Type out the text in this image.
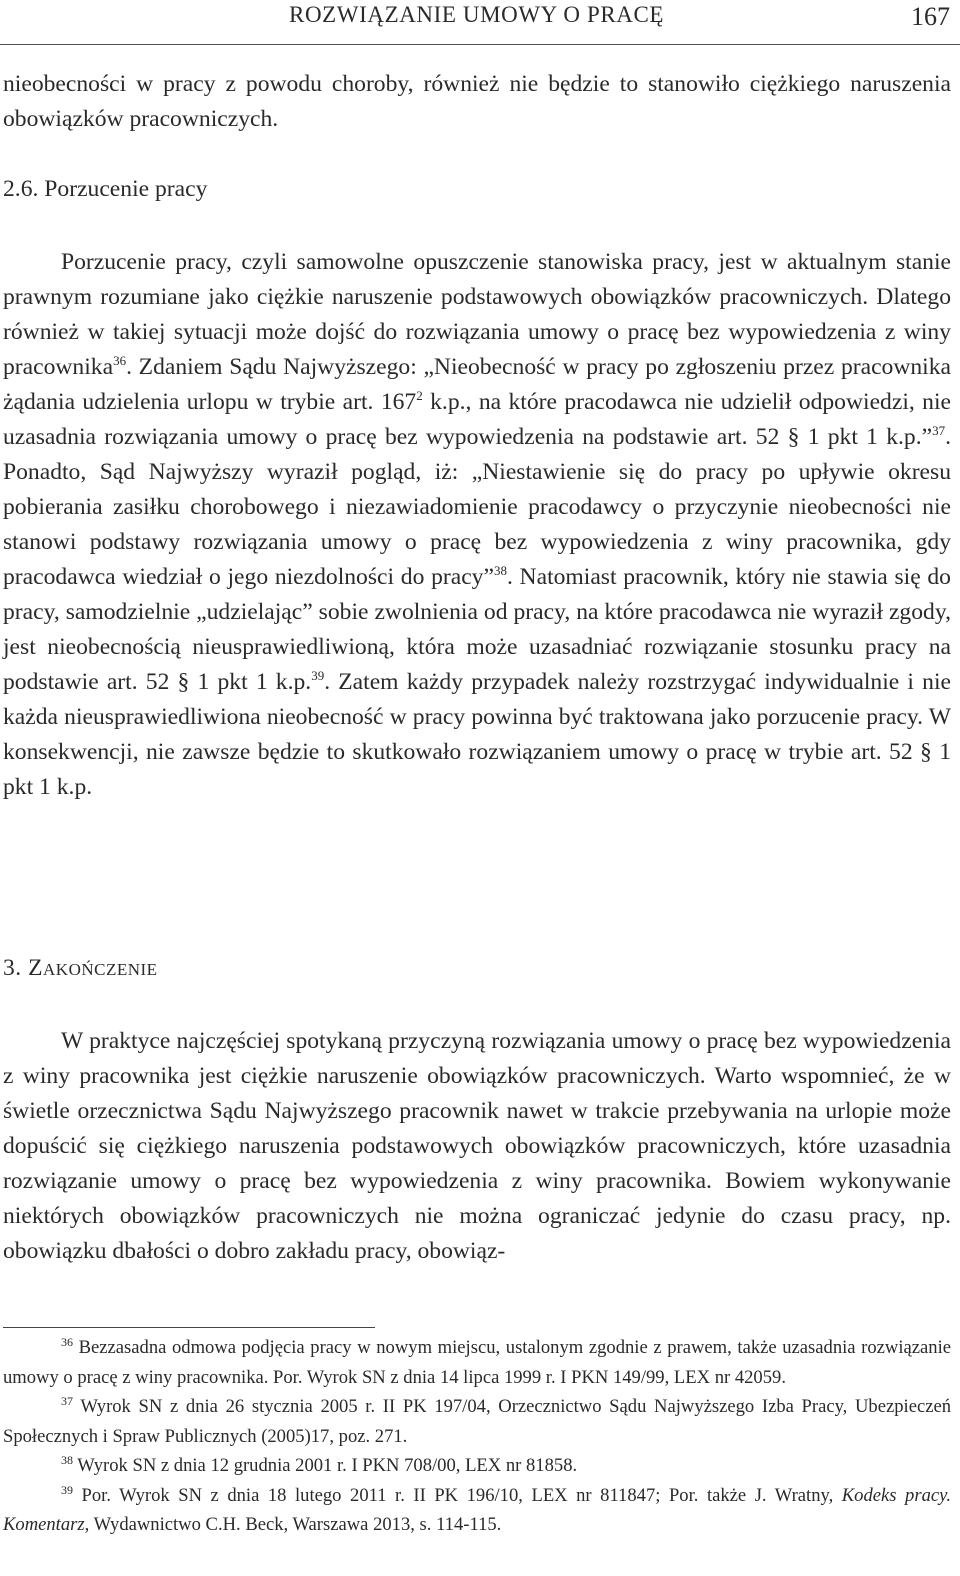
ROZWIĄZANIE UMOWY O PRACĘ	167

nieobecności w pracy z powodu choroby, również nie będzie to stanowiło ciężkiego naruszenia obowiązków pracowniczych.

2.6. Porzucenie pracy

Porzucenie pracy, czyli samowolne opuszczenie stanowiska pracy, jest w aktualnym stanie prawnym rozumiane jako ciężkie naruszenie podstawowych obowiązków pracowniczych. Dlatego również w takiej sytuacji może dojść do rozwiązania umowy o pracę bez wypowiedzenia z winy pracownika$^{36}$. Zdaniem Sądu Najwyższego: „Nieobecność w pracy po zgłoszeniu przez pracownika żądania udzielenia urlopu w trybie art. $167^2$ k.p., na które pracodawca nie udzielił odpowiedzi, nie uzasadnia rozwiązania umowy o pracę bez wypowiedzenia na podstawie art. 52 § 1 pkt 1 k.p.”$^{37}$. Ponadto, Sąd Najwyższy wyraził pogląd, iż: „Niestawienie się do pracy po upływie okresu pobierania zasiłku chorobowego i niezawiadomienie pracodawcy o przyczynie nieobecności nie stanowi podstawy rozwiązania umowy o pracę bez wypowiedzenia z winy pracownika, gdy pracodawca wiedział o jego niezdolności do pracy”$^{38}$. Natomiast pracownik, który nie stawia się do pracy, samodzielnie „udzielając” sobie zwolnienia od pracy, na które pracodawca nie wyraził zgody, jest nieobecnością nieusprawiedliwioną, która może uzasadniać rozwiązanie stosunku pracy na podstawie art. 52 § 1 pkt 1 k.p.$^{39}$. Zatem każdy przypadek należy rozstrzygać indywidualnie i nie każda nieusprawiedliwiona nieobecność w pracy powinna być traktowana jako porzucenie pracy. W konsekwencji, nie zawsze będzie to skutkowało rozwiązaniem umowy o pracę w trybie art. 52 § 1 pkt 1 k.p.

3. Zakończenie

W praktyce najczęściej spotykaną przyczyną rozwiązania umowy o pracę bez wypowiedzenia z winy pracownika jest ciężkie naruszenie obowiązków pracowniczych. Warto wspomnieć, że w świetle orzecznictwa Sądu Najwyższego pracownik nawet w trakcie przebywania na urlopie może dopuścić się ciężkiego naruszenia podstawowych obowiązków pracowniczych, które uzasadnia rozwiązanie umowy o pracę bez wypowiedzenia z winy pracownika. Bowiem wykonywanie niektórych obowiązków pracowniczych nie można ograniczać jedynie do czasu pracy, np. obowiązku dbałości o dobro zakładu pracy, obowiąz-

$^{36}$ Bezzasadna odmowa podjęcia pracy w nowym miejscu, ustalonym zgodnie z prawem, także uzasadnia rozwiązanie umowy o pracę z winy pracownika. Por. Wyrok SN z dnia 14 lipca 1999 r. I PKN 149/99, LEX nr 42059.

$^{37}$ Wyrok SN z dnia 26 stycznia 2005 r. II PK 197/04, Orzecznictwo Sądu Najwyższego Izba Pracy, Ubezpieczeń Społecznych i Spraw Publicznych (2005)17, poz. 271.

$^{38}$ Wyrok SN z dnia 12 grudnia 2001 r. I PKN 708/00, LEX nr 81858.

$^{39}$ Por. Wyrok SN z dnia 18 lutego 2011 r. II PK 196/10, LEX nr 811847; Por. także J. Wratny, Kodeks pracy. Komentarz, Wydawnictwo C.H. Beck, Warszawa 2013, s. 114-115.
